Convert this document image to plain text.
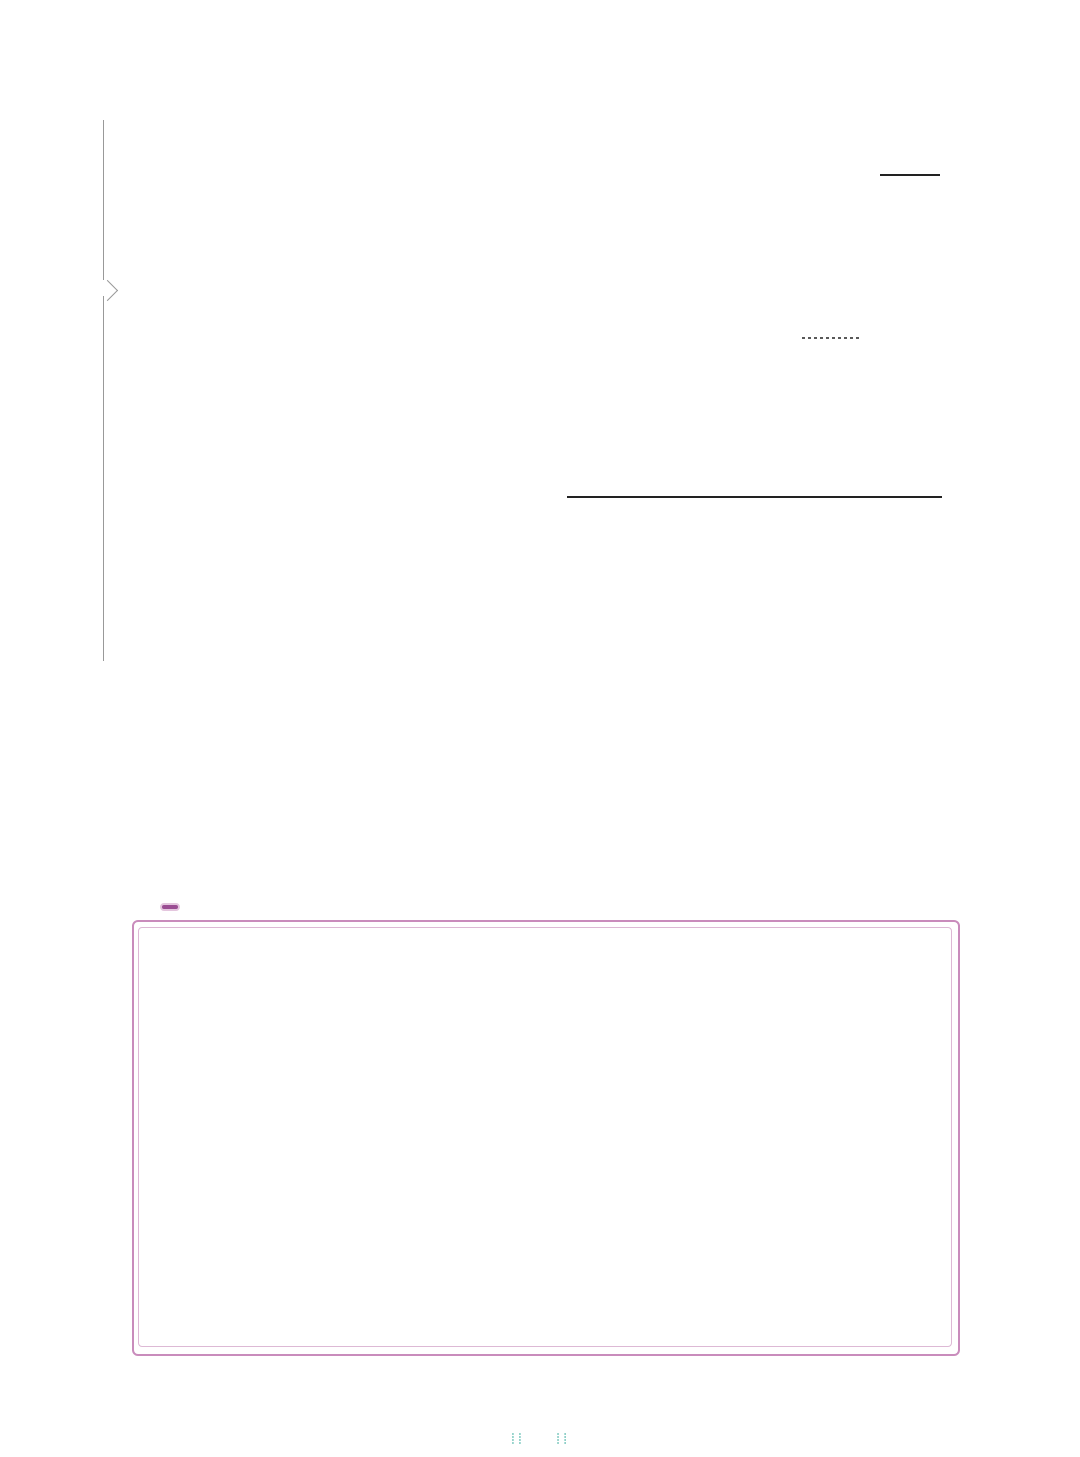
⁞⁞ ⁞⁞
